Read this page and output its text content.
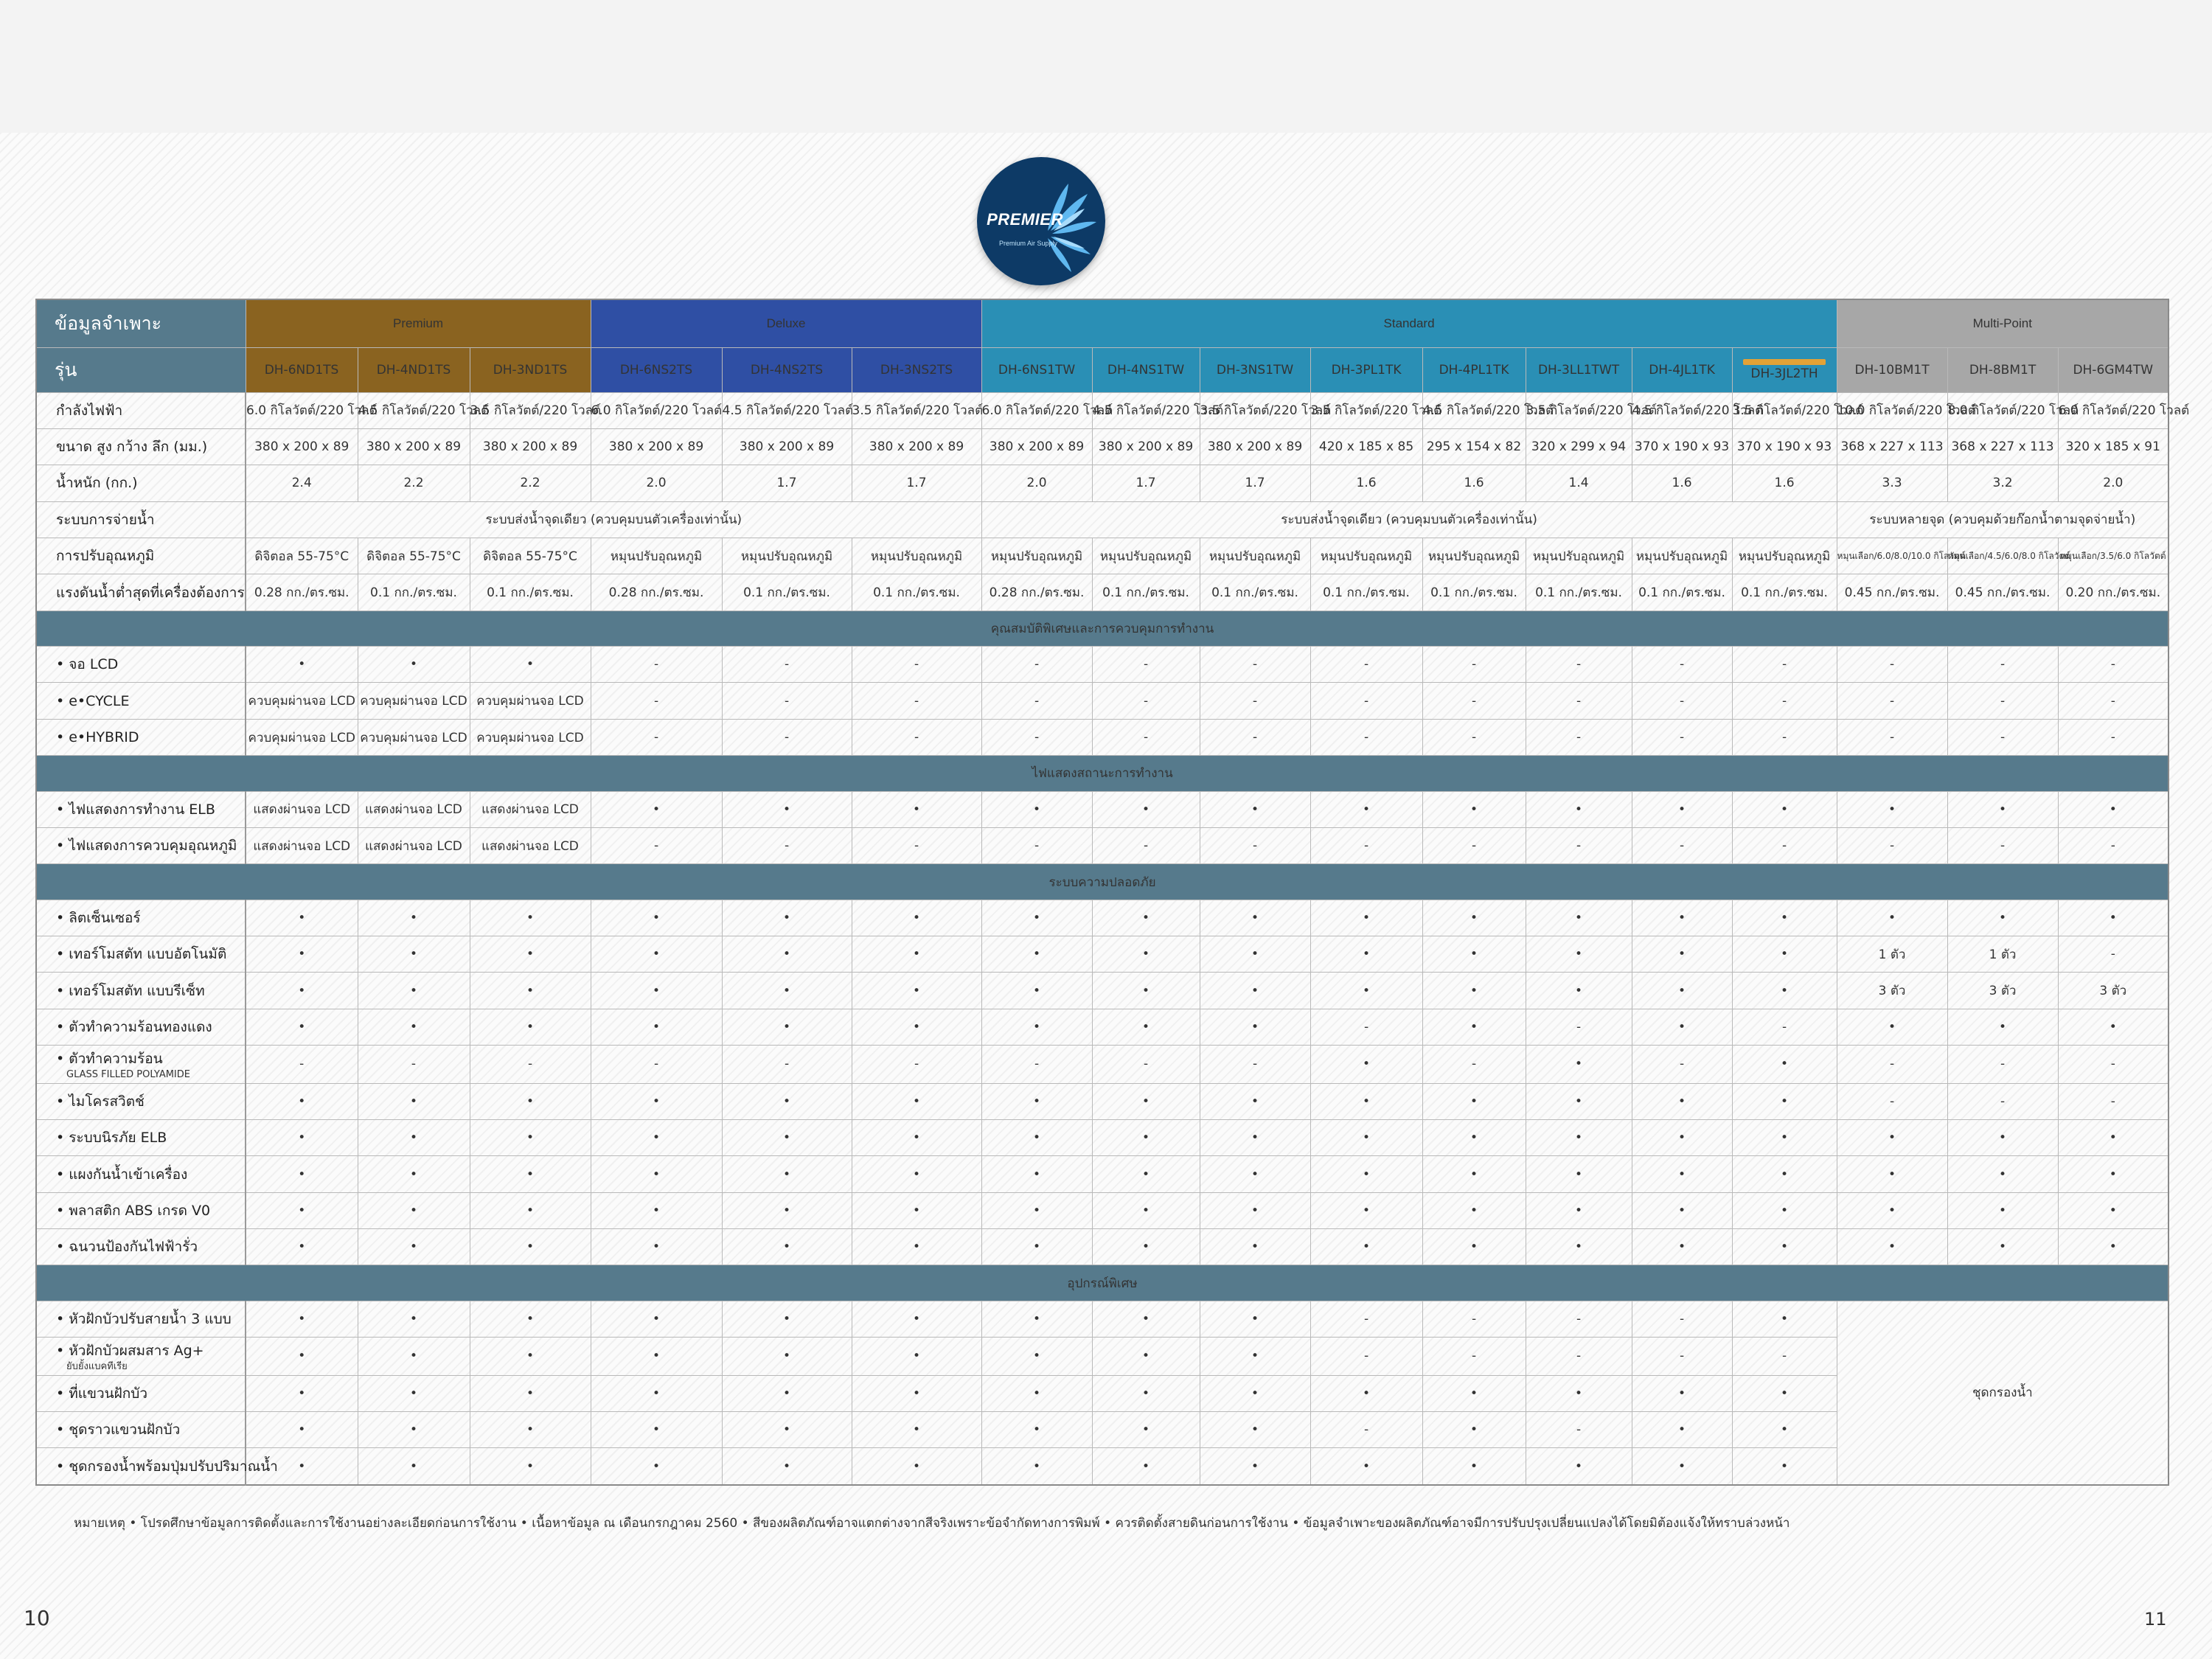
Premium Air Supply
PREMIER
ข้อมูลจำเพาะ	Premium			Deluxe			Standard								Multi-Point		
รุ่น	DH-6ND1TS	DH-4ND1TS	DH-3ND1TS	DH-6NS2TS	DH-4NS2TS	DH-3NS2TS	DH-6NS1TW	DH-4NS1TW	DH-3NS1TW	DH-3PL1TK	DH-4PL1TK	DH-3LL1TWT	DH-4JL1TK	DH-3JL2TH	DH-10BM1T	DH-8BM1T	DH-6GM4TW
กำลังไฟฟ้า	6.0 กิโลวัตต์/220 โวลต์	4.5 กิโลวัตต์/220 โวลต์	3.5 กิโลวัตต์/220 โวลต์	6.0 กิโลวัตต์/220 โวลต์	4.5 กิโลวัตต์/220 โวลต์	3.5 กิโลวัตต์/220 โวลต์	6.0 กิโลวัตต์/220 โวลต์	4.5 กิโลวัตต์/220 โวลต์	3.5 กิโลวัตต์/220 โวลต์	3.5 กิโลวัตต์/220 โวลต์	4.5 กิโลวัตต์/220 โวลต์	3.5 กิโลวัตต์/220 โวลต์	4.5 กิโลวัตต์/220 โวลต์	3.5 กิโลวัตต์/220 โวลต์	10.0 กิโลวัตต์/220 โวลต์	8.0 กิโลวัตต์/220 โวลต์	6.0 กิโลวัตต์/220 โวลต์
ขนาด สูง กว้าง ลึก (มม.)	380 x 200 x 89	380 x 200 x 89	380 x 200 x 89	380 x 200 x 89	380 x 200 x 89	380 x 200 x 89	380 x 200 x 89	380 x 200 x 89	380 x 200 x 89	420 x 185 x 85	295 x 154 x 82	320 x 299 x 94	370 x 190 x 93	370 x 190 x 93	368 x 227 x 113	368 x 227 x 113	320 x 185 x 91
น้ำหนัก (กก.)	2.4	2.2	2.2	2.0	1.7	1.7	2.0	1.7	1.7	1.6	1.6	1.4	1.6	1.6	3.3	3.2	2.0
ระบบการจ่ายน้ำ	ระบบส่งน้ำจุดเดียว (ควบคุมบนตัวเครื่องเท่านั้น)						ระบบส่งน้ำจุดเดียว (ควบคุมบนตัวเครื่องเท่านั้น)								ระบบหลายจุด (ควบคุมด้วยก๊อกน้ำตามจุดจ่ายน้ำ)		
การปรับอุณหภูมิ	ดิจิตอล 55-75°C	ดิจิตอล 55-75°C	ดิจิตอล 55-75°C	หมุนปรับอุณหภูมิ	หมุนปรับอุณหภูมิ	หมุนปรับอุณหภูมิ	หมุนปรับอุณหภูมิ	หมุนปรับอุณหภูมิ	หมุนปรับอุณหภูมิ	หมุนปรับอุณหภูมิ	หมุนปรับอุณหภูมิ	หมุนปรับอุณหภูมิ	หมุนปรับอุณหภูมิ	หมุนปรับอุณหภูมิ	หมุนเลือก/6.0/8.0/10.0 กิโลวัตต์	หมุนเลือก/4.5/6.0/8.0 กิโลวัตต์	หมุนเลือก/3.5/6.0 กิโลวัตต์
แรงดันน้ำต่ำสุดที่เครื่องต้องการ	0.28 กก./ตร.ซม.	0.1 กก./ตร.ซม.	0.1 กก./ตร.ซม.	0.28 กก./ตร.ซม.	0.1 กก./ตร.ซม.	0.1 กก./ตร.ซม.	0.28 กก./ตร.ซม.	0.1 กก./ตร.ซม.	0.1 กก./ตร.ซม.	0.1 กก./ตร.ซม.	0.1 กก./ตร.ซม.	0.1 กก./ตร.ซม.	0.1 กก./ตร.ซม.	0.1 กก./ตร.ซม.	0.45 กก./ตร.ซม.	0.45 กก./ตร.ซม.	0.20 กก./ตร.ซม.
คุณสมบัติพิเศษและการควบคุมการทำงาน																	
• จอ LCD	•	•	•	-	-	-	-	-	-	-	-	-	-	-	-	-	-
• e•CYCLE	ควบคุมผ่านจอ LCD	ควบคุมผ่านจอ LCD	ควบคุมผ่านจอ LCD	-	-	-	-	-	-	-	-	-	-	-	-	-	-
• e•HYBRID	ควบคุมผ่านจอ LCD	ควบคุมผ่านจอ LCD	ควบคุมผ่านจอ LCD	-	-	-	-	-	-	-	-	-	-	-	-	-	-
ไฟแสดงสถานะการทำงาน																	
• ไฟแสดงการทำงาน ELB	แสดงผ่านจอ LCD	แสดงผ่านจอ LCD	แสดงผ่านจอ LCD	•	•	•	•	•	•	•	•	•	•	•	•	•	•
• ไฟแสดงการควบคุมอุณหภูมิ	แสดงผ่านจอ LCD	แสดงผ่านจอ LCD	แสดงผ่านจอ LCD	-	-	-	-	-	-	-	-	-	-	-	-	-	-
ระบบความปลอดภัย																	
• ลิตเซ็นเซอร์	•	•	•	•	•	•	•	•	•	•	•	•	•	•	•	•	•
• เทอร์โมสตัท แบบอัตโนมัติ	•	•	•	•	•	•	•	•	•	•	•	•	•	•	1 ตัว	1 ตัว	-
• เทอร์โมสตัท แบบรีเซ็ท	•	•	•	•	•	•	•	•	•	•	•	•	•	•	3 ตัว	3 ตัว	3 ตัว
• ตัวทำความร้อนทองแดง	•	•	•	•	•	•	•	•	•	-	•	-	•	-	•	•	•
• ตัวทำความร้อน
GLASS FILLED POLYAMIDE	-	-	-	-	-	-	-	-	-	•	-	•	-	•	-	-	-
• ไมโครสวิตช์	•	•	•	•	•	•	•	•	•	•	•	•	•	•	-	-	-
• ระบบนิรภัย ELB	•	•	•	•	•	•	•	•	•	•	•	•	•	•	•	•	•
• แผงกันน้ำเข้าเครื่อง	•	•	•	•	•	•	•	•	•	•	•	•	•	•	•	•	•
• พลาสติก ABS เกรด V0	•	•	•	•	•	•	•	•	•	•	•	•	•	•	•	•	•
• ฉนวนป้องกันไฟฟ้ารั่ว	•	•	•	•	•	•	•	•	•	•	•	•	•	•	•	•	•
อุปกรณ์พิเศษ																	
• หัวฝักบัวปรับสายน้ำ 3 แบบ	•	•	•	•	•	•	•	•	•	-	-	-	-	•	ชุดกรองน้ำ		
• หัวฝักบัวผสมสาร Ag+
ยับยั้งแบคทีเรีย	•	•	•	•	•	•	•	•	•	-	-	-	-	-			
• ที่แขวนฝักบัว	•	•	•	•	•	•	•	•	•	•	•	•	•	•			
• ชุดราวแขวนฝักบัว	•	•	•	•	•	•	•	•	•	-	•	-	•	•			
• ชุดกรองน้ำพร้อมปุ่มปรับปริมาณน้ำ	•	•	•	•	•	•	•	•	•	•	•	•	•	•			
หมายเหตุ • โปรดศึกษาข้อมูลการติดตั้งและการใช้งานอย่างละเอียดก่อนการใช้งาน • เนื้อหาข้อมูล ณ เดือนกรกฎาคม 2560 • สีของผลิตภัณฑ์อาจแตกต่างจากสีจริงเพราะข้อจำกัดทางการพิมพ์ • ควรติดตั้งสายดินก่อนการใช้งาน • ข้อมูลจำเพาะของผลิตภัณฑ์อาจมีการปรับปรุงเปลี่ยนแปลงได้โดยมิต้องแจ้งให้ทราบล่วงหน้า
10	11
